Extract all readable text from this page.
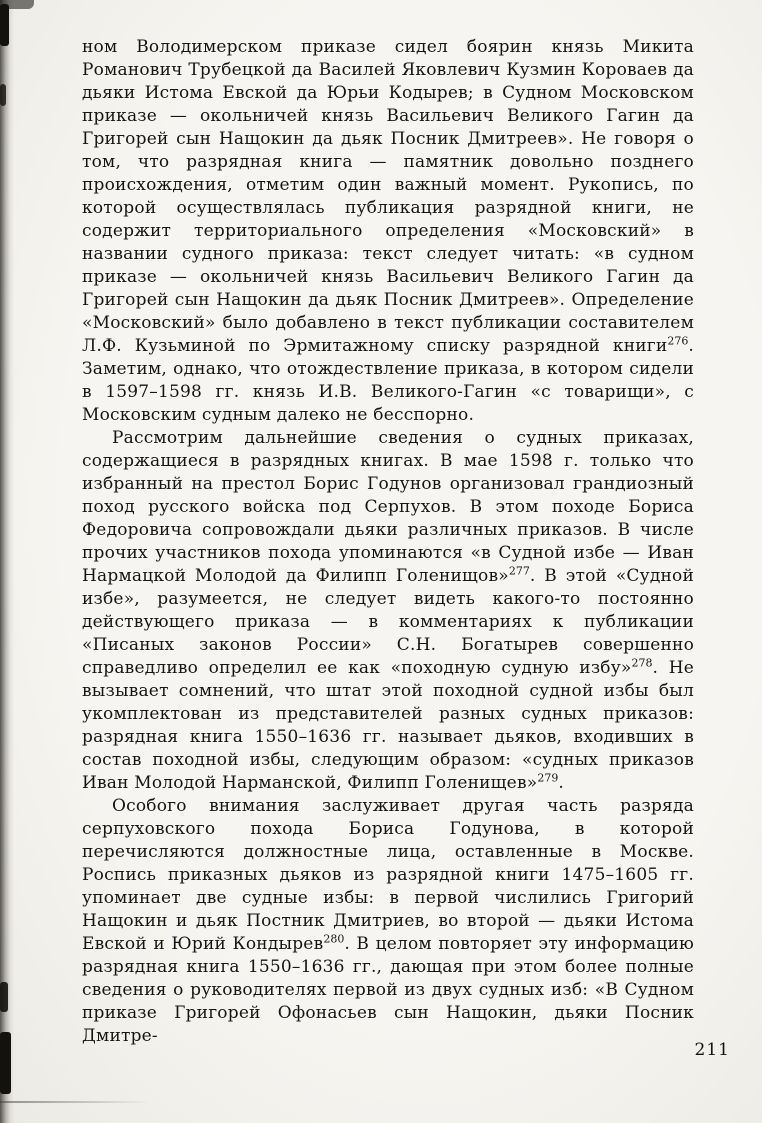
ном Володимерском приказе сидел боярин князь Микита Романович Трубецкой да Василей Яковлевич Кузмин Короваев да дьяки Истома Евской да Юрьи Кодырев; в Судном Московском приказе — окольничей князь Васильевич Великого Гагин да Григорей сын Нащокин да дьяк Посник Дмитреев». Не говоря о том, что разрядная книга — памятник довольно позднего происхождения, отметим один важный момент. Рукопись, по которой осуществлялась публикация разрядной книги, не содержит территориального определения «Московский» в названии судного приказа: текст следует читать: «в судном приказе — окольничей князь Васильевич Великого Гагин да Григорей сын Нащокин да дьяк Посник Дмитреев». Определение «Московский» было добавлено в текст публикации составителем Л.Ф. Кузьминой по Эрмитажному списку разрядной книги$^{276}$. Заметим, однако, что отождествление приказа, в котором сидели в 1597–1598 гг. князь И.В. Великого-Гагин «с товарищи», с Московским судным далеко не бесспорно.

Рассмотрим дальнейшие сведения о судных приказах, содержащиеся в разрядных книгах. В мае 1598 г. только что избранный на престол Борис Годунов организовал грандиозный поход русского войска под Серпухов. В этом походе Бориса Федоровича сопровождали дьяки различных приказов. В числе прочих участников похода упоминаются «в Судной избе — Иван Нармацкой Молодой да Филипп Голенищов»$^{277}$. В этой «Судной избе», разумеется, не следует видеть какого-то постоянно действующего приказа — в комментариях к публикации «Писаных законов России» С.Н. Богатырев совершенно справедливо определил ее как «походную судную избу»$^{278}$. Не вызывает сомнений, что штат этой походной судной избы был укомплектован из представителей разных судных приказов: разрядная книга 1550–1636 гг. называет дьяков, входивших в состав походной избы, следующим образом: «судных приказов Иван Молодой Нарманской, Филипп Голенищев»$^{279}$.

Особого внимания заслуживает другая часть разряда серпуховского похода Бориса Годунова, в которой перечисляются должностные лица, оставленные в Москве. Роспись приказных дьяков из разрядной книги 1475–1605 гг. упоминает две судные избы: в первой числились Григорий Нащокин и дьяк Постник Дмитриев, во второй — дьяки Истома Евской и Юрий Кондырев$^{280}$. В целом повторяет эту информацию разрядная книга 1550–1636 гг., дающая при этом более полные сведения о руководителях первой из двух судных изб: «В Судном приказе Григорей Офонасьев сын Нащокин, дьяки Посник Дмитре-

211
